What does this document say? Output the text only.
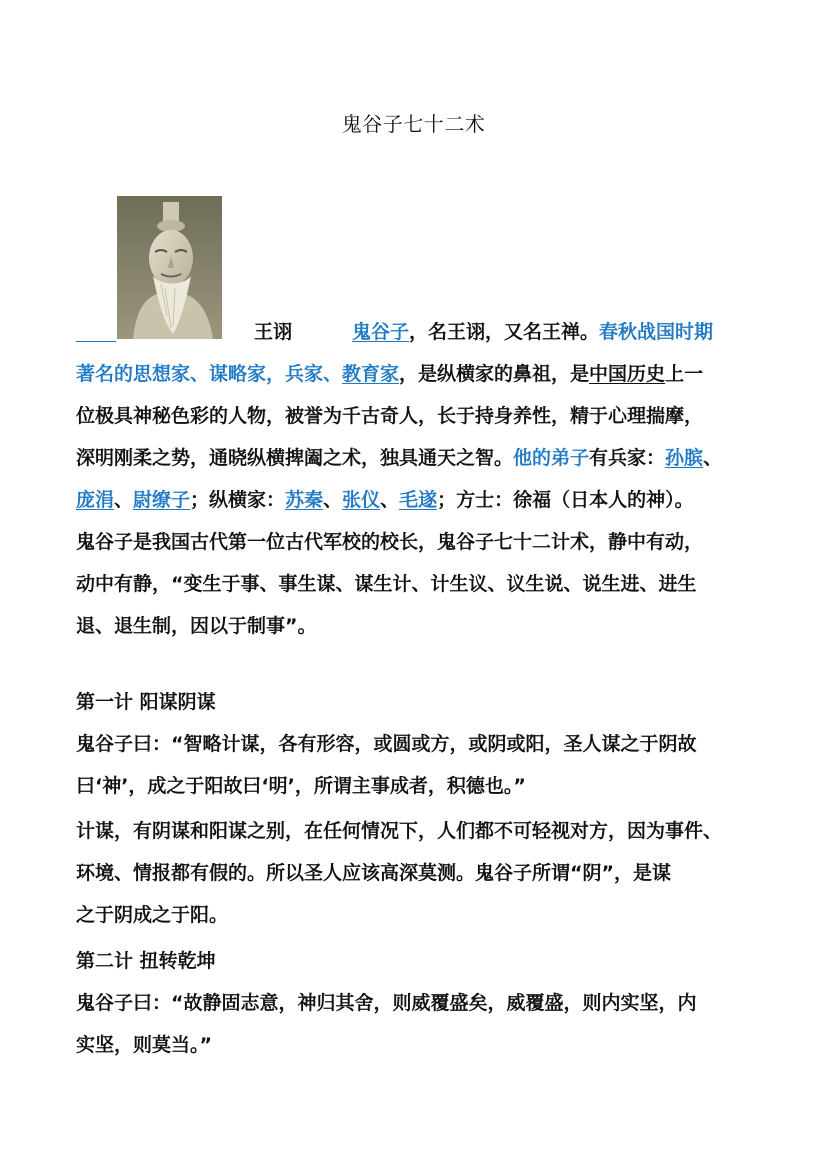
鬼谷子七十二术
王诩	鬼谷子，名王诩，又名王禅。春秋战国时期
著名的思想家、谋略家，兵家、教育家，是纵横家的鼻祖，是中国历史上一
位极具神秘色彩的人物，被誉为千古奇人，长于持身养性，精于心理揣摩，
深明刚柔之势，通晓纵横捭阖之术，独具通天之智。他的弟子有兵家：孙膑、
庞涓、尉缭子；纵横家：苏秦、张仪、毛遂；方士：徐福（日本人的神）。
鬼谷子是我国古代第一位古代军校的校长，鬼谷子七十二计术，静中有动，
动中有静，“变生于事、事生谋、谋生计、计生议、议生说、说生进、进生
退、退生制，因以于制事”。
第一计 阳谋阴谋
鬼谷子曰：“智略计谋，各有形容，或圆或方，或阴或阳，圣人谋之于阴故
曰‘神’，成之于阳故曰‘明’，所谓主事成者，积德也。”
计谋，有阴谋和阳谋之别，在任何情况下，人们都不可轻视对方，因为事件、
环境、情报都有假的。所以圣人应该高深莫测。鬼谷子所谓“阴”，是谋
之于阴成之于阳。
第二计 扭转乾坤
鬼谷子曰：“故静固志意，神归其舍，则威覆盛矣，威覆盛，则内实坚，内
实坚，则莫当。”
